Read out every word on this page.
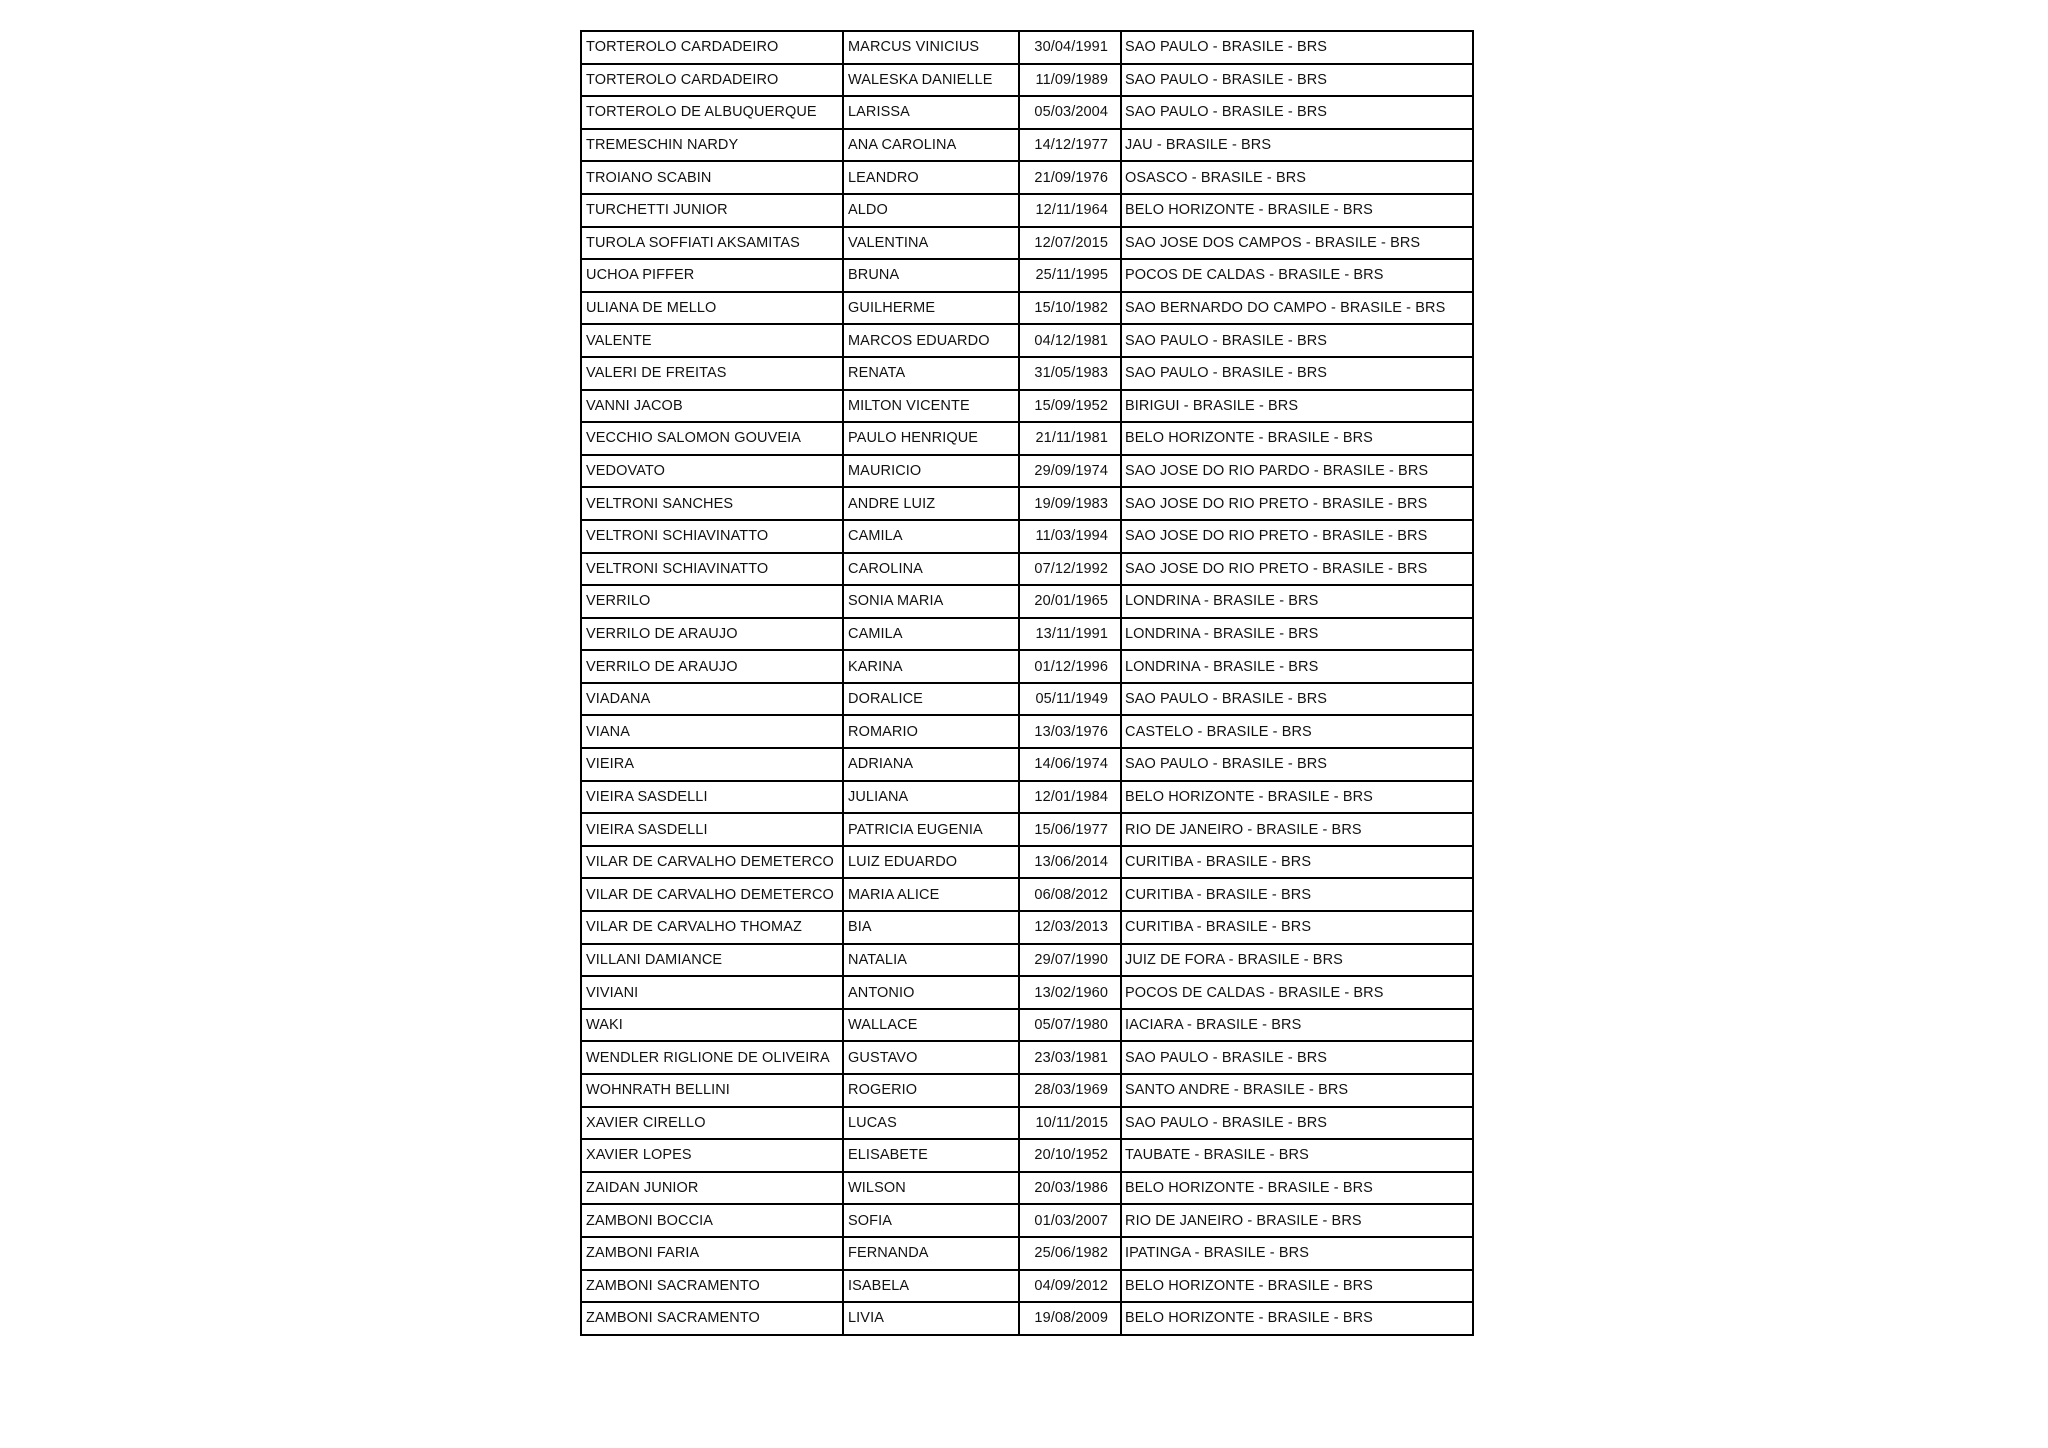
TORTEROLO CARDADEIRO	MARCUS VINICIUS	30/04/1991	SAO PAULO - BRASILE - BRS
TORTEROLO CARDADEIRO	WALESKA DANIELLE	11/09/1989	SAO PAULO - BRASILE - BRS
TORTEROLO DE ALBUQUERQUE	LARISSA	05/03/2004	SAO PAULO - BRASILE - BRS
TREMESCHIN NARDY	ANA CAROLINA	14/12/1977	JAU - BRASILE - BRS
TROIANO SCABIN	LEANDRO	21/09/1976	OSASCO - BRASILE - BRS
TURCHETTI JUNIOR	ALDO	12/11/1964	BELO HORIZONTE - BRASILE - BRS
TUROLA SOFFIATI AKSAMITAS	VALENTINA	12/07/2015	SAO JOSE DOS CAMPOS - BRASILE - BRS
UCHOA PIFFER	BRUNA	25/11/1995	POCOS DE CALDAS - BRASILE - BRS
ULIANA DE MELLO	GUILHERME	15/10/1982	SAO BERNARDO DO CAMPO - BRASILE - BRS
VALENTE	MARCOS EDUARDO	04/12/1981	SAO PAULO - BRASILE - BRS
VALERI DE FREITAS	RENATA	31/05/1983	SAO PAULO - BRASILE - BRS
VANNI JACOB	MILTON VICENTE	15/09/1952	BIRIGUI - BRASILE - BRS
VECCHIO SALOMON GOUVEIA	PAULO HENRIQUE	21/11/1981	BELO HORIZONTE - BRASILE - BRS
VEDOVATO	MAURICIO	29/09/1974	SAO JOSE DO RIO PARDO - BRASILE - BRS
VELTRONI SANCHES	ANDRE LUIZ	19/09/1983	SAO JOSE DO RIO PRETO - BRASILE - BRS
VELTRONI SCHIAVINATTO	CAMILA	11/03/1994	SAO JOSE DO RIO PRETO - BRASILE - BRS
VELTRONI SCHIAVINATTO	CAROLINA	07/12/1992	SAO JOSE DO RIO PRETO - BRASILE - BRS
VERRILO	SONIA MARIA	20/01/1965	LONDRINA - BRASILE - BRS
VERRILO DE ARAUJO	CAMILA	13/11/1991	LONDRINA - BRASILE - BRS
VERRILO DE ARAUJO	KARINA	01/12/1996	LONDRINA - BRASILE - BRS
VIADANA	DORALICE	05/11/1949	SAO PAULO - BRASILE - BRS
VIANA	ROMARIO	13/03/1976	CASTELO - BRASILE - BRS
VIEIRA	ADRIANA	14/06/1974	SAO PAULO - BRASILE - BRS
VIEIRA SASDELLI	JULIANA	12/01/1984	BELO HORIZONTE - BRASILE - BRS
VIEIRA SASDELLI	PATRICIA EUGENIA	15/06/1977	RIO DE JANEIRO - BRASILE - BRS
VILAR DE CARVALHO DEMETERCO	LUIZ EDUARDO	13/06/2014	CURITIBA - BRASILE - BRS
VILAR DE CARVALHO DEMETERCO	MARIA ALICE	06/08/2012	CURITIBA - BRASILE - BRS
VILAR DE CARVALHO THOMAZ	BIA	12/03/2013	CURITIBA - BRASILE - BRS
VILLANI DAMIANCE	NATALIA	29/07/1990	JUIZ DE FORA - BRASILE - BRS
VIVIANI	ANTONIO	13/02/1960	POCOS DE CALDAS - BRASILE - BRS
WAKI	WALLACE	05/07/1980	IACIARA - BRASILE - BRS
WENDLER RIGLIONE DE OLIVEIRA	GUSTAVO	23/03/1981	SAO PAULO - BRASILE - BRS
WOHNRATH BELLINI	ROGERIO	28/03/1969	SANTO ANDRE - BRASILE - BRS
XAVIER CIRELLO	LUCAS	10/11/2015	SAO PAULO - BRASILE - BRS
XAVIER LOPES	ELISABETE	20/10/1952	TAUBATE - BRASILE - BRS
ZAIDAN JUNIOR	WILSON	20/03/1986	BELO HORIZONTE - BRASILE - BRS
ZAMBONI BOCCIA	SOFIA	01/03/2007	RIO DE JANEIRO - BRASILE - BRS
ZAMBONI FARIA	FERNANDA	25/06/1982	IPATINGA - BRASILE - BRS
ZAMBONI SACRAMENTO	ISABELA	04/09/2012	BELO HORIZONTE - BRASILE - BRS
ZAMBONI SACRAMENTO	LIVIA	19/08/2009	BELO HORIZONTE - BRASILE - BRS
